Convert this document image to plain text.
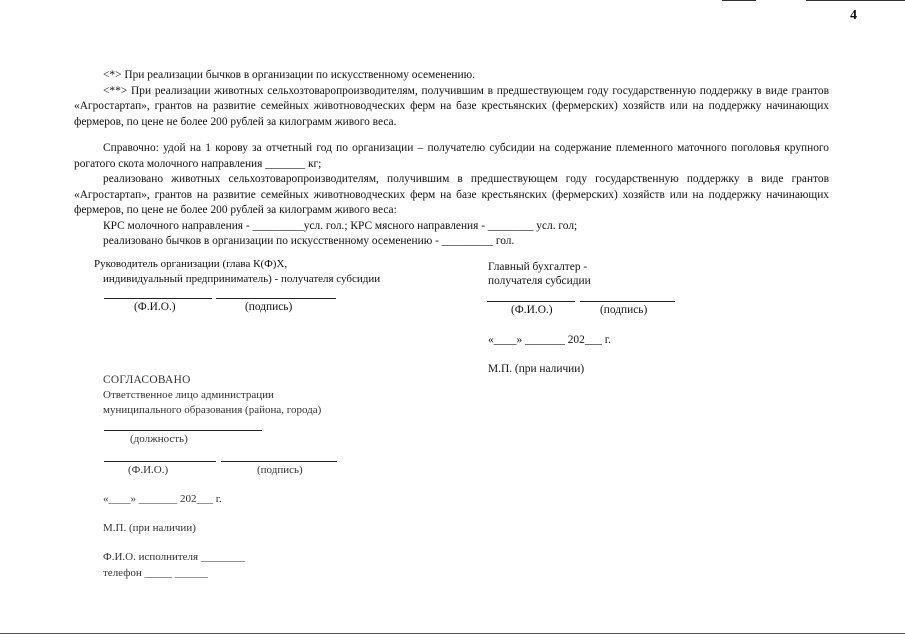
4

<*> При реализации бычков в организации по искусственному осеменению.

<**> При реализации животных сельхозтоваропроизводителям, получившим в предшествующем году государственную поддержку в виде грантов «Агростартап», грантов на развитие семейных животноводческих ферм на базе крестьянских (фермерских) хозяйств или на поддержку начинающих фермеров, по цене не более 200 рублей за килограмм живого веса.

Справочно: удой на 1 корову за отчетный год по организации – получателю субсидии на содержание племенного маточного поголовья крупного рогатого скота молочного направления _______ кг;

реализовано животных сельхозтоваропроизводителям, получившим в предшествующем году государственную поддержку в виде грантов «Агростартап», грантов на развитие семейных животноводческих ферм на базе крестьянских (фермерских) хозяйств или на поддержку начинающих фермеров, по цене не более 200 рублей за килограмм живого веса:

КРС молочного направления - _________усл. гол.; КРС мясного направления - ________ усл. гол;

реализовано бычков в организации по искусственному осеменению - _________ гол.

Руководитель организации (глава К(Ф)Х,
индивидуальный предприниматель) - получателя субсидии
(Ф.И.О.)	(подпись)
Главный бухгалтер -
получателя субсидии
(Ф.И.О.)	(подпись)
«____» _______ 202___ г.
М.П. (при наличии)
СОГЛАСОВАНО
Ответственное лицо администрации
муниципального образования (района, города)
(должность)
(Ф.И.О.)	(подпись)
«____» _______ 202___ г.
М.П. (при наличии)
Ф.И.О. исполнителя ________
телефон _____ ______
